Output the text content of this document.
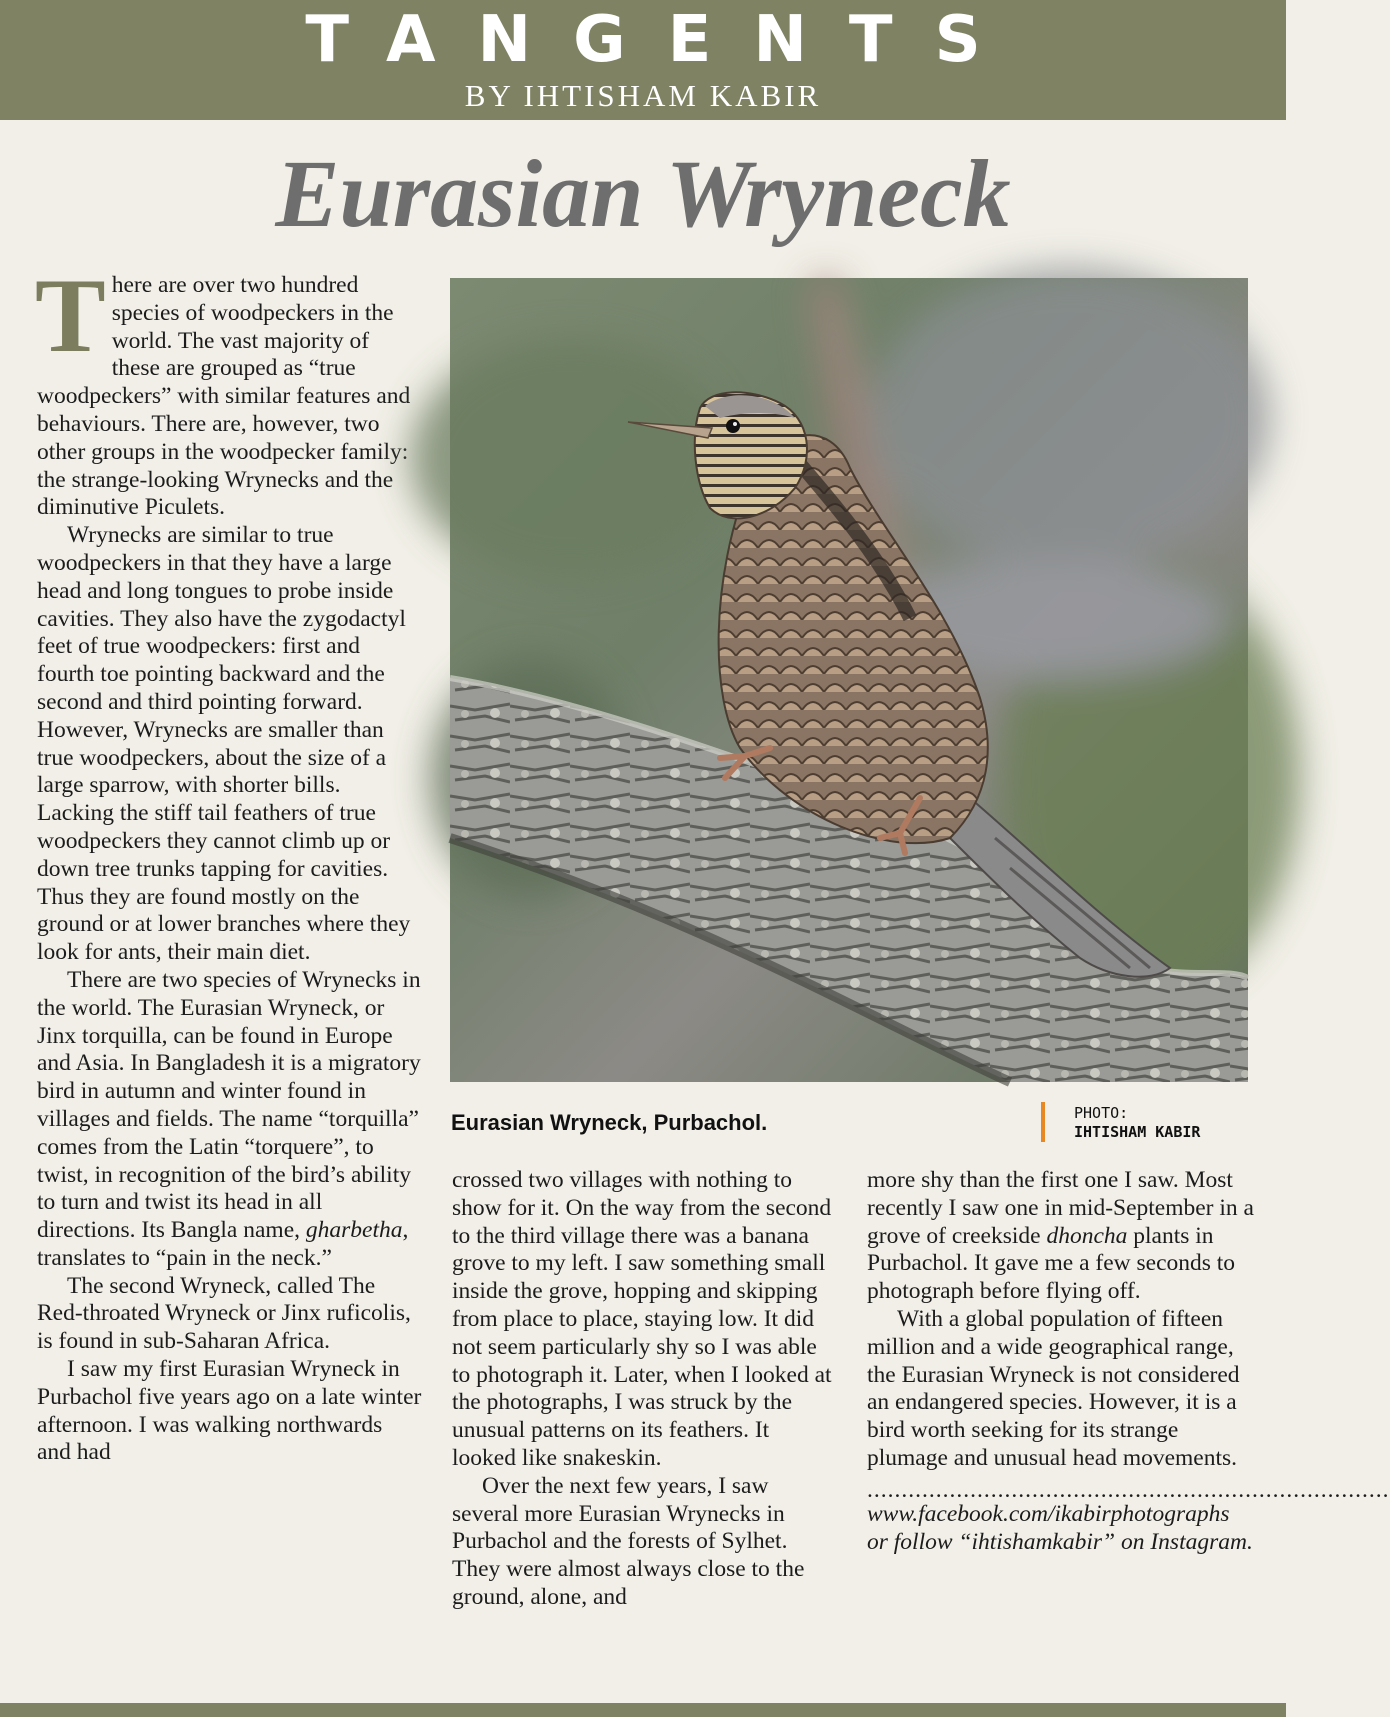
TANGENTS
BY IHTISHAM KABIR
Eurasian Wryneck

There are over two hundred species of woodpeckers in the world. The vast majority of these are grouped as “true woodpeckers” with similar features and behaviours. There are, however, two other groups in the woodpecker family: the strange-looking Wrynecks and the diminutive Piculets.

Wrynecks are similar to true woodpeckers in that they have a large head and long tongues to probe inside cavities. They also have the zygodactyl feet of true woodpeckers: first and fourth toe pointing backward and the second and third pointing forward. However, Wrynecks are smaller than true woodpeckers, about the size of a large sparrow, with shorter bills. Lacking the stiff tail feathers of true woodpeckers they cannot climb up or down tree trunks tapping for cavities. Thus they are found mostly on the ground or at lower branches where they look for ants, their main diet.

There are two species of Wrynecks in the world. The Eurasian Wryneck, or Jinx torquilla, can be found in Europe and Asia. In Bangladesh it is a migratory bird in autumn and winter found in villages and fields. The name “torquilla” comes from the Latin “torquere”, to twist, in recognition of the bird’s ability to turn and twist its head in all directions. Its Bangla name, gharbetha, translates to “pain in the neck.”

The second Wryneck, called The Red-throated Wryneck or Jinx ruficolis, is found in sub-Saharan Africa.

I saw my first Eurasian Wryneck in Purbachol five years ago on a late winter afternoon. I was walking northwards and had

Eurasian Wryneck, Purbachol.	PHOTO:
IHTISHAM KABIR

crossed two villages with nothing to show for it. On the way from the second to the third village there was a banana grove to my left. I saw something small inside the grove, hopping and skipping from place to place, staying low. It did not seem particularly shy so I was able to photograph it. Later, when I looked at the photographs, I was struck by the unusual patterns on its feathers. It looked like snakeskin.

Over the next few years, I saw several more Eurasian Wrynecks in Purbachol and the forests of Sylhet. They were almost always close to the ground, alone, and

more shy than the first one I saw. Most recently I saw one in mid-September in a grove of creekside dhoncha plants in Purbachol. It gave me a few seconds to photograph before flying off.

With a global population of fifteen million and a wide geographical range, the Eurasian Wryneck is not considered an endangered species. However, it is a bird worth seeking for its strange plumage and unusual head movements.

............................................................................

www.facebook.com/ikabirphotographs

or follow “ihtishamkabir” on Instagram.
